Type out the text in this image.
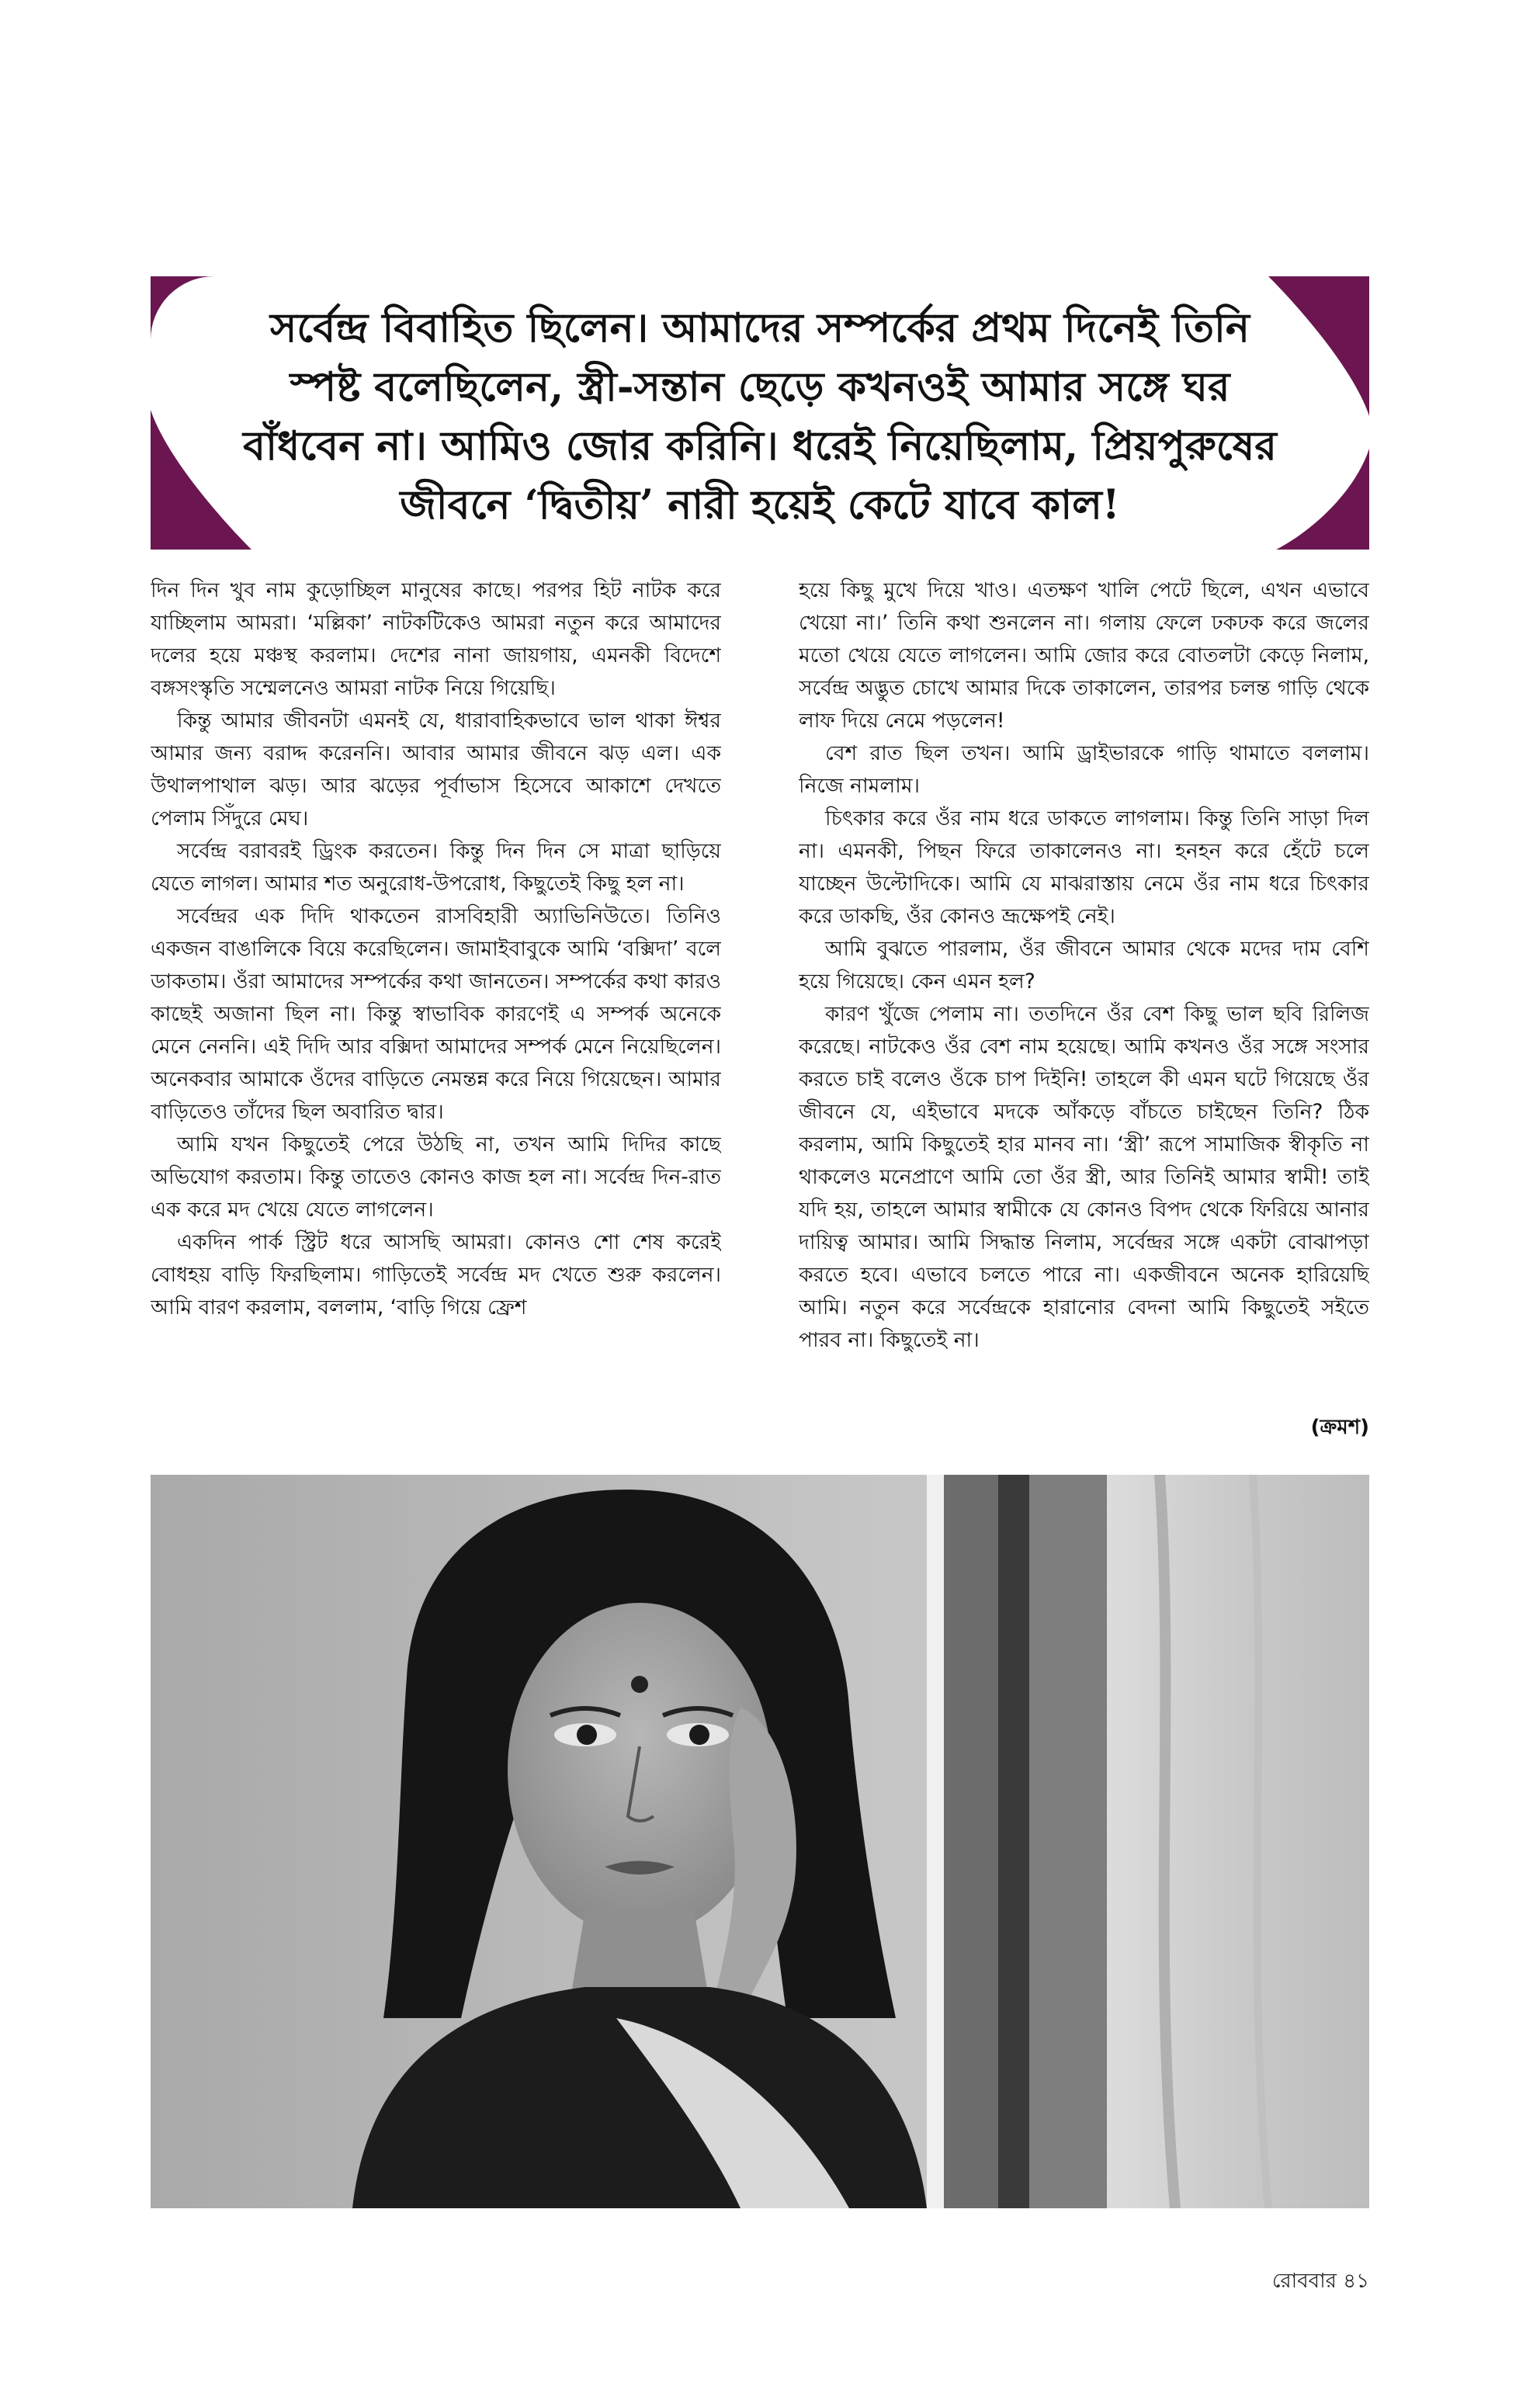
সর্বেন্দ্র বিবাহিত ছিলেন। আমাদের সম্পর্কের প্রথম দিনেই তিনি স্পষ্ট বলেছিলেন, স্ত্রী-সন্তান ছেড়ে কখনওই আমার সঙ্গে ঘর বাঁধবেন না। আমিও জোর করিনি। ধরেই নিয়েছিলাম, প্রিয়পুরুষের জীবনে ‘দ্বিতীয়’ নারী হয়েই কেটে যাবে কাল!

দিন দিন খুব নাম কুড়োচ্ছিল মানুষের কাছে। পরপর হিট নাটক করে যাচ্ছিলাম আমরা। ‘মল্লিকা’ নাটকটিকেও আমরা নতুন করে আমাদের দলের হয়ে মঞ্চস্থ করলাম। দেশের নানা জায়গায়, এমনকী বিদেশে বঙ্গসংস্কৃতি সম্মেলনেও আমরা নাটক নিয়ে গিয়েছি।

কিন্তু আমার জীবনটা এমনই যে, ধারাবাহিকভাবে ভাল থাকা ঈশ্বর আমার জন্য বরাদ্দ করেননি। আবার আমার জীবনে ঝড় এল। এক উথালপাথাল ঝড়। আর ঝড়ের পূর্বাভাস হিসেবে আকাশে দেখতে পেলাম সিঁদুরে মেঘ।

সর্বেন্দ্র বরাবরই ড্রিংক করতেন। কিন্তু দিন দিন সে মাত্রা ছাড়িয়ে যেতে লাগল। আমার শত অনুরোধ-উপরোধ, কিছুতেই কিছু হল না।

সর্বেন্দ্রর এক দিদি থাকতেন রাসবিহারী অ্যাভিনিউতে। তিনিও একজন বাঙালিকে বিয়ে করেছিলেন। জামাইবাবুকে আমি ‘বক্সিদা’ বলে ডাকতাম। ওঁরা আমাদের সম্পর্কের কথা জানতেন। সম্পর্কের কথা কারও কাছেই অজানা ছিল না। কিন্তু স্বাভাবিক কারণেই এ সম্পর্ক অনেকে মেনে নেননি। এই দিদি আর বক্সিদা আমাদের সম্পর্ক মেনে নিয়েছিলেন। অনেকবার আমাকে ওঁদের বাড়িতে নেমন্তন্ন করে নিয়ে গিয়েছেন। আমার বাড়িতেও তাঁদের ছিল অবারিত দ্বার।

আমি যখন কিছুতেই পেরে উঠছি না, তখন আমি দিদির কাছে অভিযোগ করতাম। কিন্তু তাতেও কোনও কাজ হল না। সর্বেন্দ্র দিন-রাত এক করে মদ খেয়ে যেতে লাগলেন।

একদিন পার্ক স্ট্রিট ধরে আসছি আমরা। কোনও শো শেষ করেই বোধহয় বাড়ি ফিরছিলাম। গাড়িতেই সর্বেন্দ্র মদ খেতে শুরু করলেন। আমি বারণ করলাম, বললাম, ‘বাড়ি গিয়ে ফ্রেশ

হয়ে কিছু মুখে দিয়ে খাও। এতক্ষণ খালি পেটে ছিলে, এখন এভাবে খেয়ো না।’ তিনি কথা শুনলেন না। গলায় ফেলে ঢকঢক করে জলের মতো খেয়ে যেতে লাগলেন। আমি জোর করে বোতলটা কেড়ে নিলাম, সর্বেন্দ্র অদ্ভুত চোখে আমার দিকে তাকালেন, তারপর চলন্ত গাড়ি থেকে লাফ দিয়ে নেমে পড়লেন!

বেশ রাত ছিল তখন। আমি ড্রাইভারকে গাড়ি থামাতে বললাম। নিজে নামলাম।

চিৎকার করে ওঁর নাম ধরে ডাকতে লাগলাম। কিন্তু তিনি সাড়া দিল না। এমনকী, পিছন ফিরে তাকালেনও না। হনহন করে হেঁটে চলে যাচ্ছেন উল্টোদিকে। আমি যে মাঝরাস্তায় নেমে ওঁর নাম ধরে চিৎকার করে ডাকছি, ওঁর কোনও ভ্রূক্ষেপই নেই।

আমি বুঝতে পারলাম, ওঁর জীবনে আমার থেকে মদের দাম বেশি হয়ে গিয়েছে। কেন এমন হল?

কারণ খুঁজে পেলাম না। ততদিনে ওঁর বেশ কিছু ভাল ছবি রিলিজ করেছে। নাটকেও ওঁর বেশ নাম হয়েছে। আমি কখনও ওঁর সঙ্গে সংসার করতে চাই বলেও ওঁকে চাপ দিইনি! তাহলে কী এমন ঘটে গিয়েছে ওঁর জীবনে যে, এইভাবে মদকে আঁকড়ে বাঁচতে চাইছেন তিনি? ঠিক করলাম, আমি কিছুতেই হার মানব না। ‘স্ত্রী’ রূপে সামাজিক স্বীকৃতি না থাকলেও মনেপ্রাণে আমি তো ওঁর স্ত্রী, আর তিনিই আমার স্বামী! তাই যদি হয়, তাহলে আমার স্বামীকে যে কোনও বিপদ থেকে ফিরিয়ে আনার দায়িত্ব আমার। আমি সিদ্ধান্ত নিলাম, সর্বেন্দ্রর সঙ্গে একটা বোঝাপড়া করতে হবে। এভাবে চলতে পারে না। একজীবনে অনেক হারিয়েছি আমি। নতুন করে সর্বেন্দ্রকে হারানোর বেদনা আমি কিছুতেই সইতে পারব না। কিছুতেই না।

(ক্রমশ)
রোববার ৪১
